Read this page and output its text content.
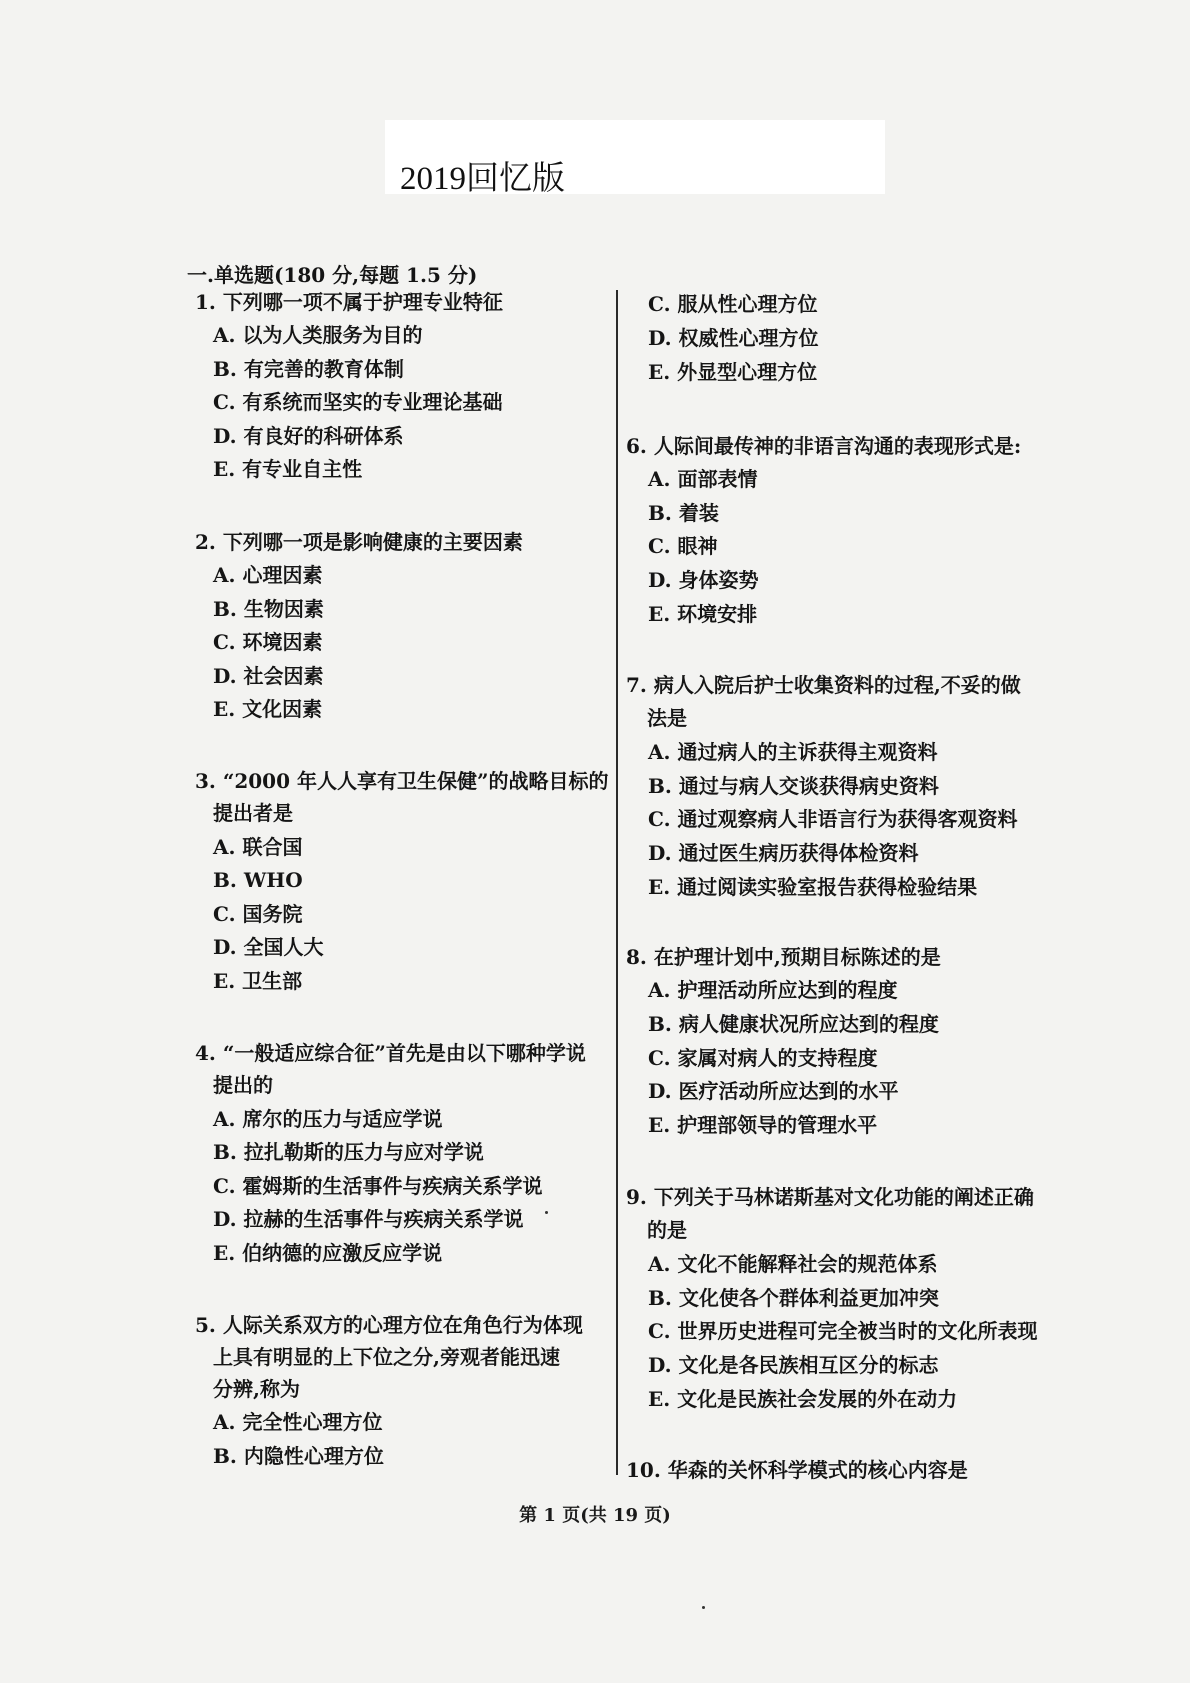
2019回忆版
一.单选题(180 分,每题 1.5 分)
1. 下列哪一项不属于护理专业特征
A. 以为人类服务为目的
B. 有完善的教育体制
C. 有系统而坚实的专业理论基础
D. 有良好的科研体系
E. 有专业自主性
2. 下列哪一项是影响健康的主要因素
A. 心理因素
B. 生物因素
C. 环境因素
D. 社会因素
E. 文化因素
3. “2000 年人人享有卫生保健”的战略目标的
提出者是
A. 联合国
B. WHO
C. 国务院
D. 全国人大
E. 卫生部
4. “一般适应综合征”首先是由以下哪种学说
提出的
A. 席尔的压力与适应学说
B. 拉扎勒斯的压力与应对学说
C. 霍姆斯的生活事件与疾病关系学说
D. 拉赫的生活事件与疾病关系学说
E. 伯纳德的应激反应学说
5. 人际关系双方的心理方位在角色行为体现
上具有明显的上下位之分,旁观者能迅速
分辨,称为
A. 完全性心理方位
B. 内隐性心理方位
C. 服从性心理方位
D. 权威性心理方位
E. 外显型心理方位
6. 人际间最传神的非语言沟通的表现形式是:
A. 面部表情
B. 着装
C. 眼神
D. 身体姿势
E. 环境安排
7. 病人入院后护士收集资料的过程,不妥的做
法是
A. 通过病人的主诉获得主观资料
B. 通过与病人交谈获得病史资料
C. 通过观察病人非语言行为获得客观资料
D. 通过医生病历获得体检资料
E. 通过阅读实验室报告获得检验结果
8. 在护理计划中,预期目标陈述的是
A. 护理活动所应达到的程度
B. 病人健康状况所应达到的程度
C. 家属对病人的支持程度
D. 医疗活动所应达到的水平
E. 护理部领导的管理水平
9. 下列关于马林诺斯基对文化功能的阐述正确
的是
A. 文化不能解释社会的规范体系
B. 文化使各个群体利益更加冲突
C. 世界历史进程可完全被当时的文化所表现
D. 文化是各民族相互区分的标志
E. 文化是民族社会发展的外在动力
10. 华森的关怀科学模式的核心内容是
第 1 页(共 19 页)
